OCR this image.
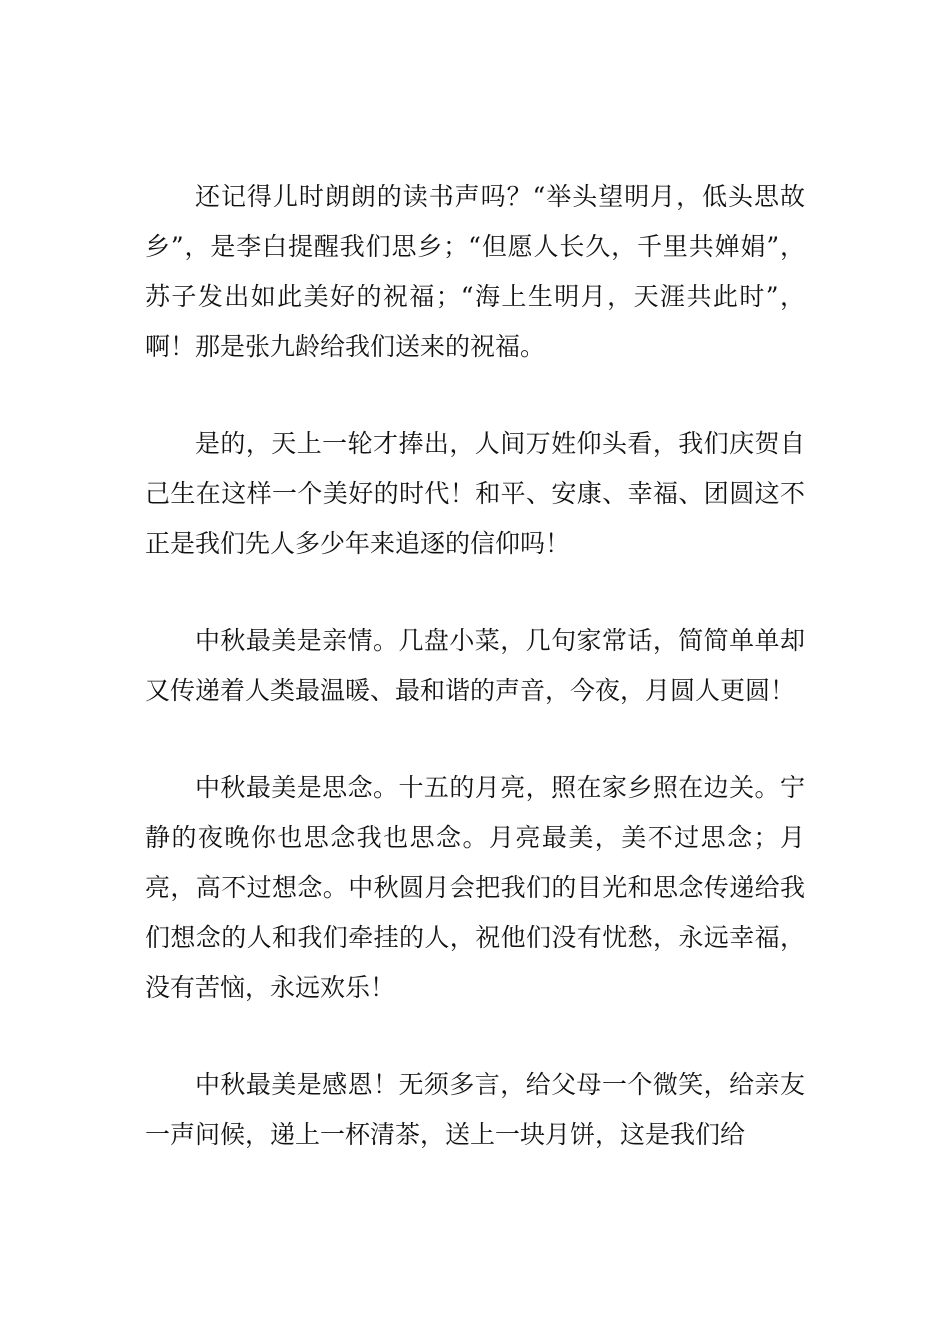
还记得儿时朗朗的读书声吗？“举头望明月，低头思故乡”，是李白提醒我们思乡；“但愿人长久，千里共婵娟”，苏子发出如此美好的祝福；“海上生明月，天涯共此时”，啊！那是张九龄给我们送来的祝福。

是的，天上一轮才捧出，人间万姓仰头看，我们庆贺自己生在这样一个美好的时代！和平、安康、幸福、团圆这不正是我们先人多少年来追逐的信仰吗！

中秋最美是亲情。几盘小菜，几句家常话，简简单单却又传递着人类最温暖、最和谐的声音，今夜，月圆人更圆！

中秋最美是思念。十五的月亮，照在家乡照在边关。宁静的夜晚你也思念我也思念。月亮最美，美不过思念；月亮，高不过想念。中秋圆月会把我们的目光和思念传递给我们想念的人和我们牵挂的人，祝他们没有忧愁，永远幸福，没有苦恼，永远欢乐！

中秋最美是感恩！无须多言，给父母一个微笑，给亲友一声问候，递上一杯清茶，送上一块月饼，这是我们给
